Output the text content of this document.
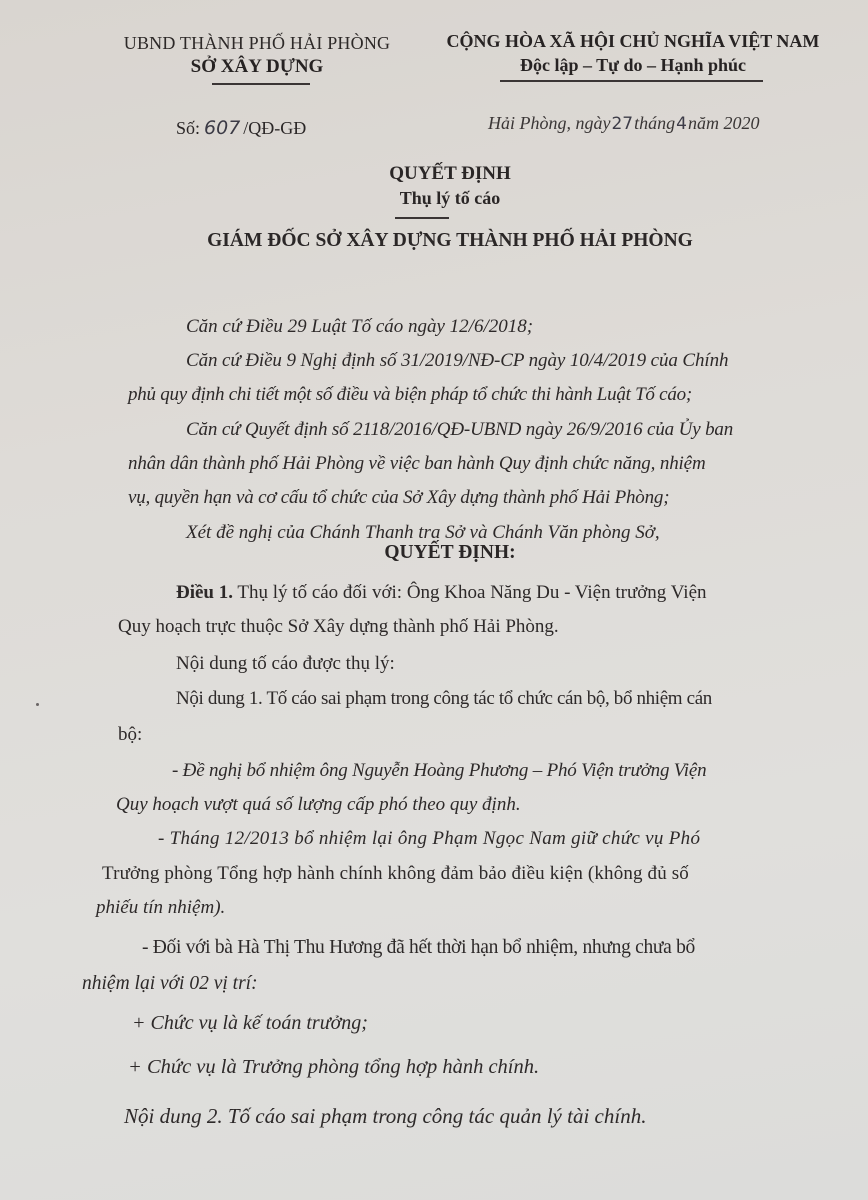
UBND THÀNH PHỐ HẢI PHÒNG
SỞ XÂY DỰNG
Số: 607 /QĐ-GĐ
CỘNG HÒA XÃ HỘI CHỦ NGHĨA VIỆT NAM
Độc lập – Tự do – Hạnh phúc
Hải Phòng, ngày27tháng4năm 2020
QUYẾT ĐỊNH
Thụ lý tố cáo
GIÁM ĐỐC SỞ XÂY DỰNG THÀNH PHỐ HẢI PHÒNG
Căn cứ Điều 29 Luật Tố cáo ngày 12/6/2018;
Căn cứ Điều 9 Nghị định số 31/2019/NĐ-CP ngày 10/4/2019 của Chính
phủ quy định chi tiết một số điều và biện pháp tổ chức thi hành Luật Tố cáo;
Căn cứ Quyết định số 2118/2016/QĐ-UBND ngày 26/9/2016 của Ủy ban
nhân dân thành phố Hải Phòng về việc ban hành Quy định chức năng, nhiệm
vụ, quyền hạn và cơ cấu tổ chức của Sở Xây dựng thành phố Hải Phòng;
Xét đề nghị của Chánh Thanh tra Sở và Chánh Văn phòng Sở,
QUYẾT ĐỊNH:
Điều 1. Thụ lý tố cáo đối với: Ông Khoa Năng Du - Viện trưởng Viện
Quy hoạch trực thuộc Sở Xây dựng thành phố Hải Phòng.
Nội dung tố cáo được thụ lý:
Nội dung 1. Tố cáo sai phạm trong công tác tổ chức cán bộ, bổ nhiệm cán
bộ:
- Đề nghị bổ nhiệm ông Nguyễn Hoàng Phương – Phó Viện trưởng Viện
Quy hoạch vượt quá số lượng cấp phó theo quy định.
- Tháng 12/2013 bổ nhiệm lại ông Phạm Ngọc Nam giữ chức vụ Phó
Trưởng phòng Tổng hợp hành chính không đảm bảo điều kiện (không đủ số
phiếu tín nhiệm).
- Đối với bà Hà Thị Thu Hương đã hết thời hạn bổ nhiệm, nhưng chưa bổ
nhiệm lại với 02 vị trí:
+ Chức vụ là kế toán trưởng;
+ Chức vụ là Trưởng phòng tổng hợp hành chính.
Nội dung 2. Tố cáo sai phạm trong công tác quản lý tài chính.
